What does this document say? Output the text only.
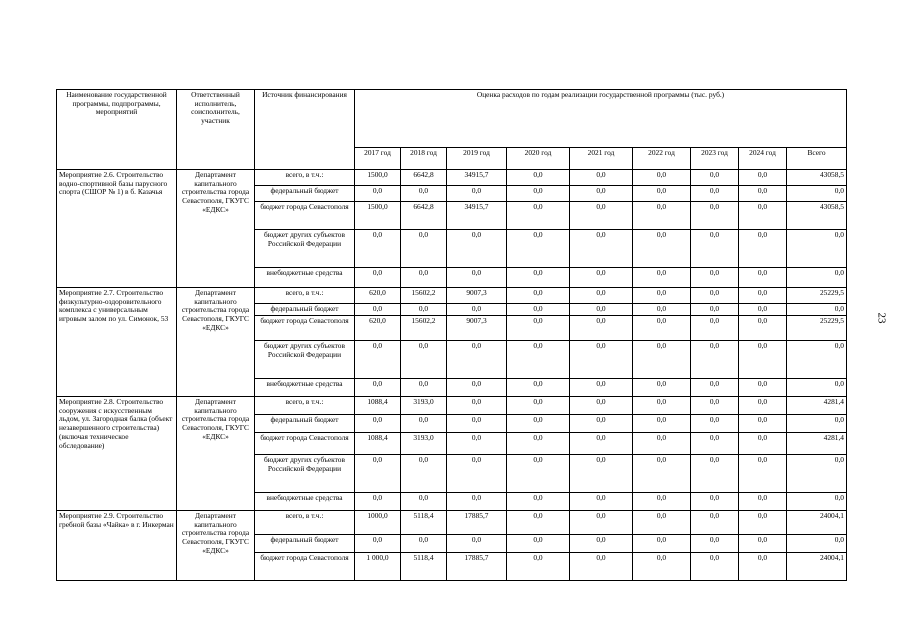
Наименование государственной программы, подпрограммы, мероприятий	Ответственный исполнитель, соисполнитель, участник	Источник финансирования	Оценка расходов по годам реализации государственной программы (тыс. руб.)								
			2017 год	2018 год	2019 год	2020 год	2021 год	2022 год	2023 год	2024 год	Всего
Мероприятие 2.6. Строительство водно-спортивной базы парусного спорта (СШОР № 1) в б. Казачья	Департамент капитального строительства города Севастополя, ГКУГС «ЕДКС»	всего, в т.ч.:	1500,0	6642,8	34915,7	0,0	0,0	0,0	0,0	0,0	43058,5
		федеральный бюджет	0,0	0,0	0,0	0,0	0,0	0,0	0,0	0,0	0,0
		бюджет города Севастополя	1500,0	6642,8	34915,7	0,0	0,0	0,0	0,0	0,0	43058,5
		бюджет других субъектов Российской Федерации	0,0	0,0	0,0	0,0	0,0	0,0	0,0	0,0	0,0
		внебюджетные средства	0,0	0,0	0,0	0,0	0,0	0,0	0,0	0,0	0,0
Мероприятие 2.7. Строительство физкультурно-оздоровительного комплекса с универсальным игровым залом по ул. Симонок, 53	Департамент капитального строительства города Севастополя, ГКУГС «ЕДКС»	всего, в т.ч.:	620,0	15602,2	9007,3	0,0	0,0	0,0	0,0	0,0	25229,5
		федеральный бюджет	0,0	0,0	0,0	0,0	0,0	0,0	0,0	0,0	0,0
		бюджет города Севастополя	620,0	15602,2	9007,3	0,0	0,0	0,0	0,0	0,0	25229,5
		бюджет других субъектов Российской Федерации	0,0	0,0	0,0	0,0	0,0	0,0	0,0	0,0	0,0
		внебюджетные средства	0,0	0,0	0,0	0,0	0,0	0,0	0,0	0,0	0,0
Мероприятие 2.8. Строительство сооружения с искусственным льдом, ул. Загородная балка (объект незавершенного строительства) (включая техническое обследование)	Департамент капитального строительства города Севастополя, ГКУГС «ЕДКС»	всего, в т.ч.:	1088,4	3193,0	0,0	0,0	0,0	0,0	0,0	0,0	4281,4
		федеральный бюджет	0,0	0,0	0,0	0,0	0,0	0,0	0,0	0,0	0,0
		бюджет города Севастополя	1088,4	3193,0	0,0	0,0	0,0	0,0	0,0	0,0	4281,4
		бюджет других субъектов Российской Федерации	0,0	0,0	0,0	0,0	0,0	0,0	0,0	0,0	0,0
		внебюджетные средства	0,0	0,0	0,0	0,0	0,0	0,0	0,0	0,0	0,0
Мероприятие 2.9. Строительство гребной базы «Чайка» в г. Инкерман	Департамент капитального строительства города Севастополя, ГКУГС «ЕДКС»	всего, в т.ч.:	1000,0	5118,4	17885,7	0,0	0,0	0,0	0,0	0,0	24004,1
		федеральный бюджет	0,0	0,0	0,0	0,0	0,0	0,0	0,0	0,0	0,0
		бюджет города Севастополя	1 000,0	5118,4	17885,7	0,0	0,0	0,0	0,0	0,0	24004,1
23
